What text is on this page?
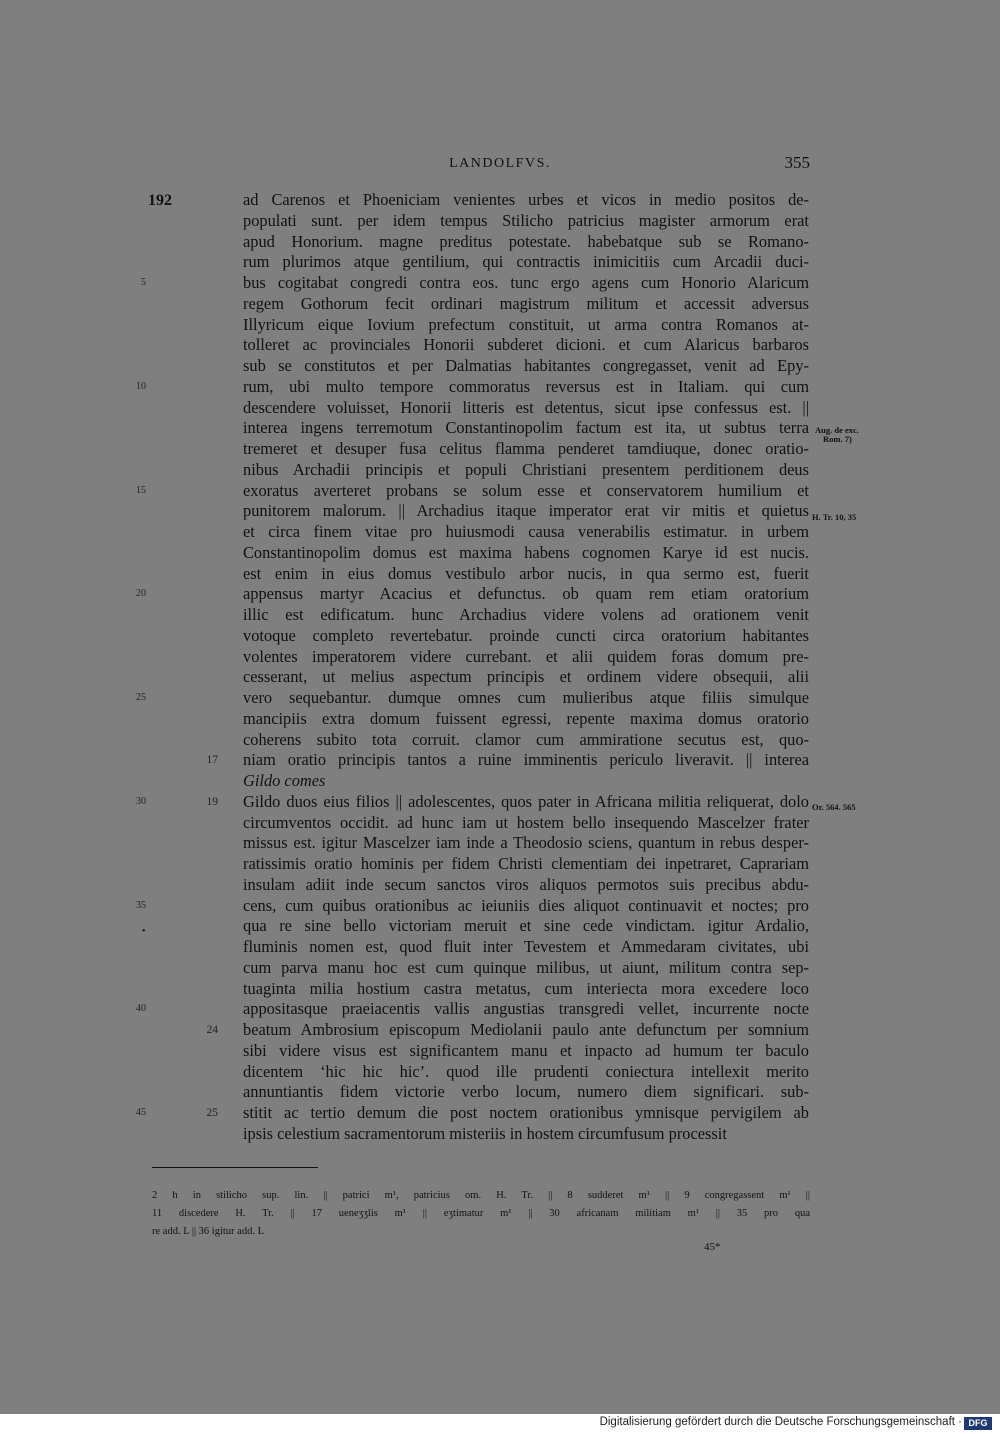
LANDOLFVS.	355
192	ad Carenos et Phoeniciam venientes urbes et vicos in medio positos de-
populati sunt. per idem tempus Stilicho patricius magister armorum erat
apud Honorium. magne preditus potestate. habebatque sub se Romano-
rum plurimos atque gentilium, qui contractis inimicitiis cum Arcadii duci-
bus cogitabat congredi contra eos. tunc ergo agens cum Honorio Alaricum
5
regem Gothorum fecit ordinari magistrum militum et accessit adversus
Illyricum eique Iovium prefectum constituit, ut arma contra Romanos at-
tolleret ac provinciales Honorii subderet dicioni. et cum Alaricus barbaros
sub se constitutos et per Dalmatias habitantes congregasset, venit ad Epy-
rum, ubi multo tempore commoratus reversus est in Italiam. qui cum
10
descendere voluisset, Honorii litteris est detentus, sicut ipse confessus est. ||
interea ingens terremotum Constantinopolim factum est ita, ut subtus terra
tremeret et desuper fusa celitus flamma penderet tamdiuque, donec oratio-
nibus Archadii principis et populi Christiani presentem perditionem deus
exoratus averteret probans se solum esse et conservatorem humilium et
15
punitorem malorum. || Archadius itaque imperator erat vir mitis et quietus
et circa finem vitae pro huiusmodi causa venerabilis estimatur. in urbem
Constantinopolim domus est maxima habens cognomen Karye id est nucis.
est enim in eius domus vestibulo arbor nucis, in qua sermo est, fuerit
appensus martyr Acacius et defunctus. ob quam rem etiam oratorium
20
illic est edificatum. hunc Archadius videre volens ad orationem venit
votoque completo revertebatur. proinde cuncti circa oratorium habitantes
volentes imperatorem videre currebant. et alii quidem foras domum pre-
cesserant, ut melius aspectum principis et ordinem videre obsequii, alii
vero sequebantur. dumque omnes cum mulieribus atque filiis simulque
25
mancipiis extra domum fuissent egressi, repente maxima domus oratorio
coherens subito tota corruit. clamor cum ammiratione secutus est, quo-
niam oratio principis tantos a ruine imminentis periculo liveravit. || interea
17
Gildo comes
Gildo duos eius filios || adolescentes, quos pater in Africana militia reliquerat, dolo
30	19
circumventos occidit. ad hunc iam ut hostem bello insequendo Mascelzer frater
missus est. igitur Mascelzer iam inde a Theodosio sciens, quantum in rebus desper-
ratissimis oratio hominis per fidem Christi clementiam dei inpetraret, Caprariam
insulam adiit inde secum sanctos viros aliquos permotos suis precibus abdu-
cens, cum quibus orationibus ac ieiuniis dies aliquot continuavit et noctes; pro
35
qua re sine bello victoriam meruit et sine cede vindictam. igitur Ardalio,
fluminis nomen est, quod fluit inter Tevestem et Ammedaram civitates, ubi
cum parva manu hoc est cum quinque milibus, ut aiunt, militum contra sep-
tuaginta milia hostium castra metatus, cum interiecta mora excedere loco
appositasque praeiacentis vallis angustias transgredi vellet, incurrente nocte
40
beatum Ambrosium episcopum Mediolanii paulo ante defunctum per somnium
24
sibi videre visus est significantem manu et inpacto ad humum ter baculo
dicentem ‘hic hic hic’. quod ille prudenti coniectura intellexit merito
annuntiantis fidem victorie verbo locum, numero diem significari. sub-
stitit ac tertio demum die post noctem orationibus ymnisque pervigilem ab
45	25
ipsis celestium sacramentorum misteriis in hostem circumfusum processit
Aug. de exc.
Rom. 7)
H. Tr. 10, 35
Or. 564. 565
•
2 h in stilicho sup. lin. || patrici m¹, patricius om. H. Tr. || 8 sudderet m¹ || 9 congregassent m¹ ||
11 discedere H. Tr. || 17 ueneʒʒlis m¹ || eʒtimatur m¹ || 30 africanam militiam m¹ || 35 pro qua
re add. L || 36 igitur add. L
45*
Digitalisierung gefördert durch die Deutsche Forschungsgemeinschaft · DFG
